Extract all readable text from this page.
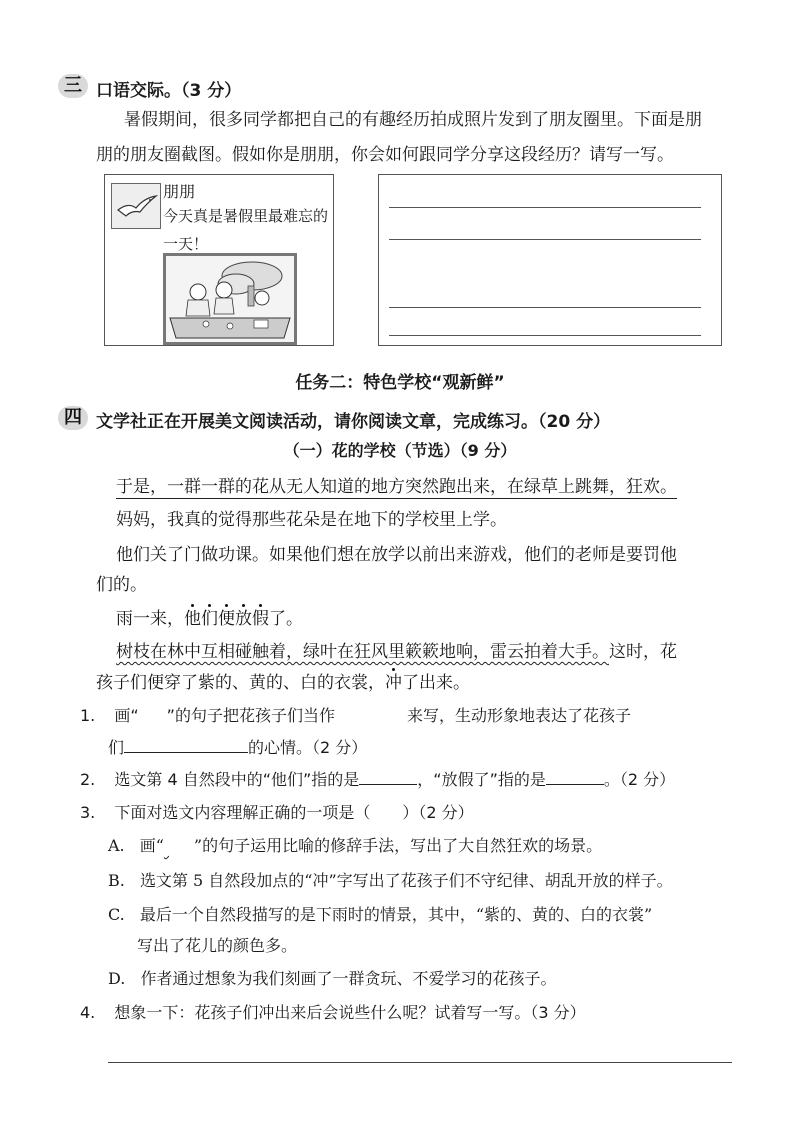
三 口语交际。（3 分）
暑假期间，很多同学都把自己的有趣经历拍成照片发到了朋友圈里。下面是朋
朋的朋友圈截图。假如你是朋朋，你会如何跟同学分享这段经历？请写一写。
朋朋
今天真是暑假里最难忘的
一天！
任务二：特色学校“观新鲜”
四 文学社正在开展美文阅读活动，请你阅读文章，完成练习。（20 分）
（一）花的学校（节选）（9 分）
于是，一群一群的花从无人知道的地方突然跑出来，在绿草上跳舞，狂欢。
妈妈，我真的觉得那些花朵是在地下的学校里上学。
他们关了门做功课。如果他们想在放学以前出来游戏，他们的老师是要罚他
们的。
雨一来，他们便放假了。
树枝在林中互相碰触着，绿叶在狂风里簌簌地响，雷云拍着大手。这时，花
孩子们便穿了紫的、黄的、白的衣裳，冲了出来。
1. 画“ ”的句子把花孩子们当作	来写，生动形象地表达了花孩子
们	的心情。（2 分）
2. 选文第 4 自然段中的“他们”指的是	，“放假了”指的是	。（2 分）
3. 下面对选文内容理解正确的一项是（　　）（2 分）
A. 画“ ”的句子运用比喻的修辞手法，写出了大自然狂欢的场景。
B. 选文第 5 自然段加点的“冲”字写出了花孩子们不守纪律、胡乱开放的样子。
C. 最后一个自然段描写的是下雨时的情景，其中，“紫的、黄的、白的衣裳”
写出了花儿的颜色多。
D. 作者通过想象为我们刻画了一群贪玩、不爱学习的花孩子。
4. 想象一下：花孩子们冲出来后会说些什么呢？试着写一写。（3 分）
